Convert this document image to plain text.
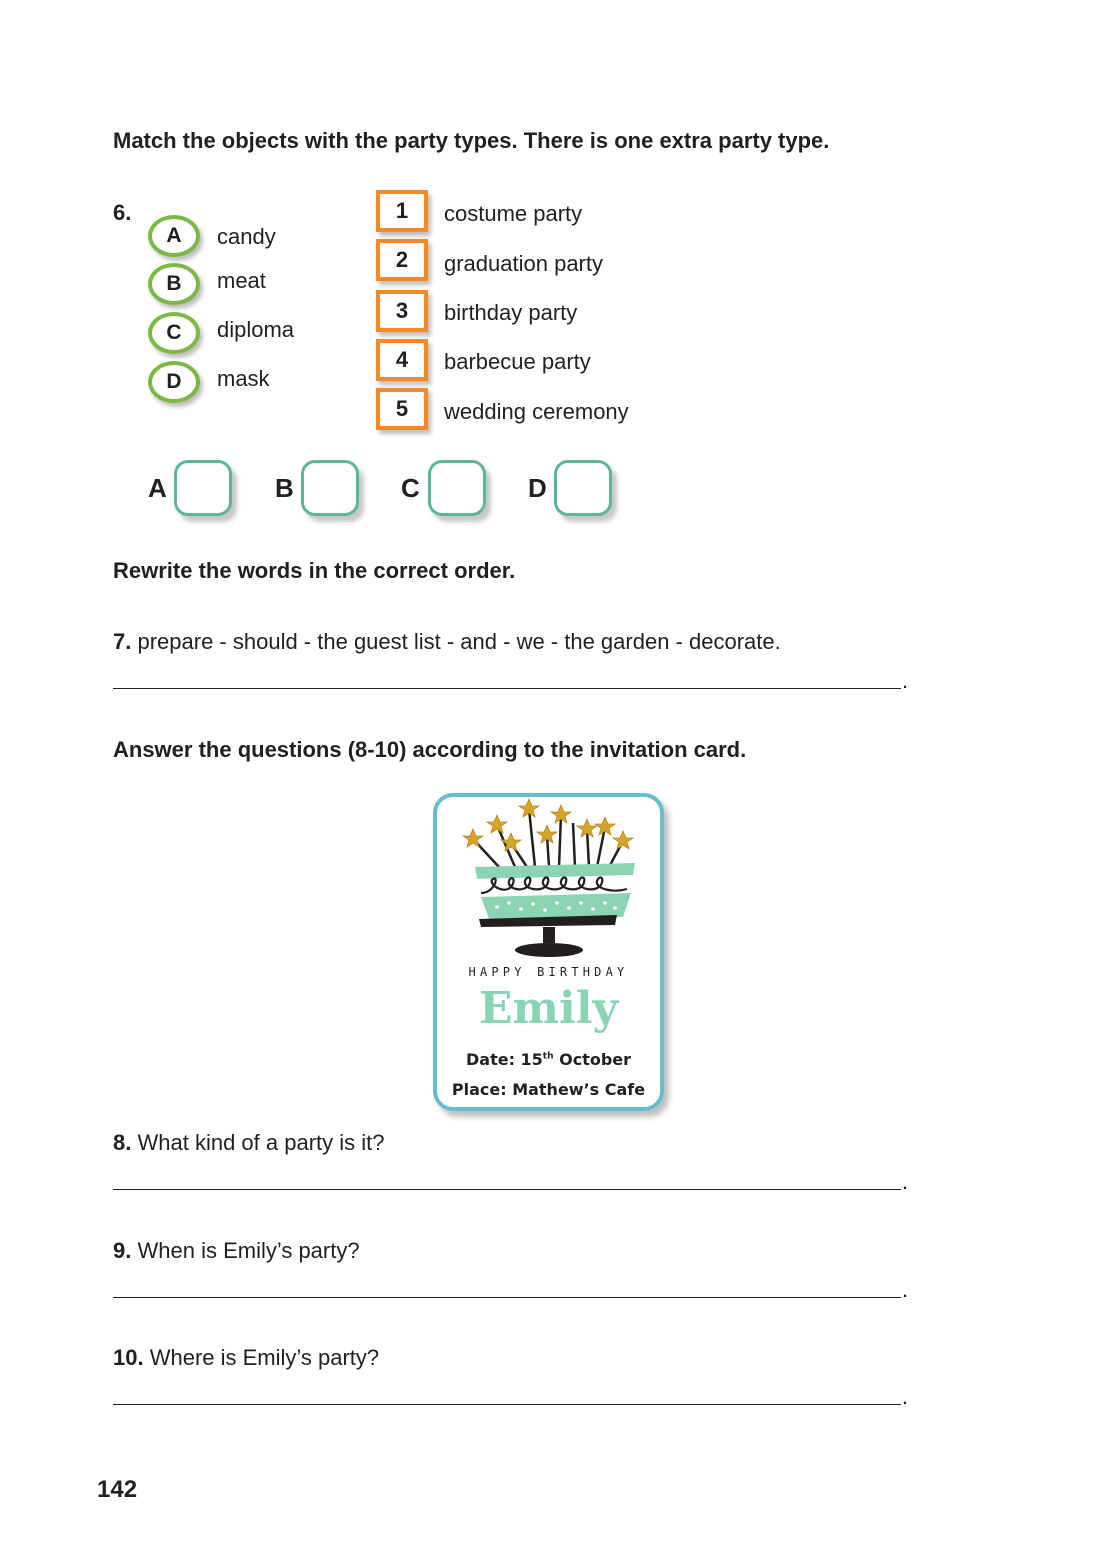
Match the objects with the party types. There is one extra party type.
6.
A	candy
B	meat
C	diploma
D	mask
1	costume party
2	graduation party
3	birthday party
4	barbecue party
5	wedding ceremony
A	B	C	D
Rewrite the words in the correct order.
7. prepare - should - the guest list - and - we - the garden - decorate.
.
Answer the questions (8-10) according to the invitation card.
HAPPY BIRTHDAY
Emily
Date: 15th October
Place: Mathew’s Cafe
8. What kind of a party is it?
.
9. When is Emily’s party?
.
10. Where is Emily’s party?
.
142
